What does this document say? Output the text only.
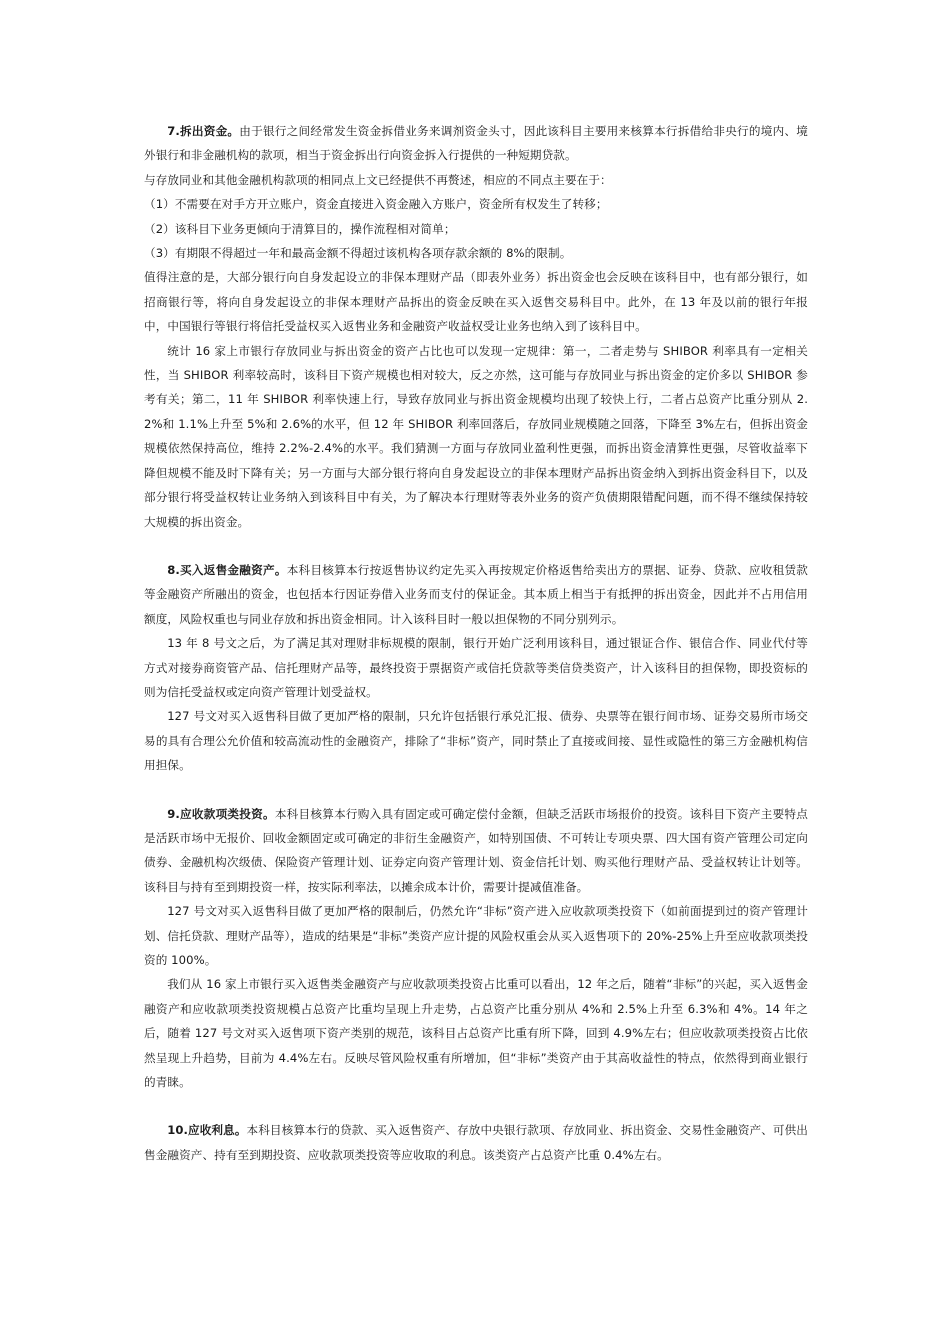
7.拆出资金。由于银行之间经常发生资金拆借业务来调剂资金头寸，因此该科目主要用来核算本行拆借给非央行的境内、境外银行和非金融机构的款项，相当于资金拆出行向资金拆入行提供的一种短期贷款。

与存放同业和其他金融机构款项的相同点上文已经提供不再赘述，相应的不同点主要在于：

（1）不需要在对手方开立账户，资金直接进入资金融入方账户，资金所有权发生了转移；

（2）该科目下业务更倾向于清算目的，操作流程相对简单；

（3）有期限不得超过一年和最高金额不得超过该机构各项存款余额的 8%的限制。

值得注意的是，大部分银行向自身发起设立的非保本理财产品（即表外业务）拆出资金也会反映在该科目中，也有部分银行，如招商银行等，将向自身发起设立的非保本理财产品拆出的资金反映在买入返售交易科目中。此外，在 13 年及以前的银行年报中，中国银行等银行将信托受益权买入返售业务和金融资产收益权受让业务也纳入到了该科目中。

统计 16 家上市银行存放同业与拆出资金的资产占比也可以发现一定规律：第一，二者走势与 SHIBOR 利率具有一定相关性，当 SHIBOR 利率较高时，该科目下资产规模也相对较大，反之亦然，这可能与存放同业与拆出资金的定价多以 SHIBOR 参考有关；第二，11 年 SHIBOR 利率快速上行，导致存放同业与拆出资金规模均出现了较快上行，二者占总资产比重分别从 2.2%和 1.1%上升至 5%和 2.6%的水平，但 12 年 SHIBOR 利率回落后，存放同业规模随之回落，下降至 3%左右，但拆出资金规模依然保持高位，维持 2.2%-2.4%的水平。我们猜测一方面与存放同业盈利性更强，而拆出资金清算性更强，尽管收益率下降但规模不能及时下降有关；另一方面与大部分银行将向自身发起设立的非保本理财产品拆出资金纳入到拆出资金科目下，以及部分银行将受益权转让业务纳入到该科目中有关，为了解决本行理财等表外业务的资产负债期限错配问题，而不得不继续保持较大规模的拆出资金。

8.买入返售金融资产。本科目核算本行按返售协议约定先买入再按规定价格返售给卖出方的票据、证券、贷款、应收租赁款等金融资产所融出的资金，也包括本行因证券借入业务而支付的保证金。其本质上相当于有抵押的拆出资金，因此并不占用信用额度，风险权重也与同业存放和拆出资金相同。计入该科目时一般以担保物的不同分别列示。

13 年 8 号文之后，为了满足其对理财非标规模的限制，银行开始广泛利用该科目，通过银证合作、银信合作、同业代付等方式对接券商资管产品、信托理财产品等，最终投资于票据资产或信托贷款等类信贷类资产，计入该科目的担保物，即投资标的则为信托受益权或定向资产管理计划受益权。

127 号文对买入返售科目做了更加严格的限制，只允许包括银行承兑汇报、债券、央票等在银行间市场、证券交易所市场交易的具有合理公允价值和较高流动性的金融资产，排除了“非标”资产，同时禁止了直接或间接、显性或隐性的第三方金融机构信用担保。

9.应收款项类投资。本科目核算本行购入具有固定或可确定偿付金额，但缺乏活跃市场报价的投资。该科目下资产主要特点是活跃市场中无报价、回收金额固定或可确定的非衍生金融资产，如特别国债、不可转让专项央票、四大国有资产管理公司定向债券、金融机构次级债、保险资产管理计划、证券定向资产管理计划、资金信托计划、购买他行理财产品、受益权转让计划等。该科目与持有至到期投资一样，按实际利率法，以摊余成本计价，需要计提减值准备。

127 号文对买入返售科目做了更加严格的限制后，仍然允许“非标”资产进入应收款项类投资下（如前面提到过的资产管理计划、信托贷款、理财产品等），造成的结果是“非标”类资产应计提的风险权重会从买入返售项下的 20%-25%上升至应收款项类投资的 100%。

我们从 16 家上市银行买入返售类金融资产与应收款项类投资占比重可以看出，12 年之后，随着“非标”的兴起，买入返售金融资产和应收款项类投资规模占总资产比重均呈现上升走势，占总资产比重分别从 4%和 2.5%上升至 6.3%和 4%。14 年之后，随着 127 号文对买入返售项下资产类别的规范，该科目占总资产比重有所下降，回到 4.9%左右；但应收款项类投资占比依然呈现上升趋势，目前为 4.4%左右。反映尽管风险权重有所增加，但“非标”类资产由于其高收益性的特点，依然得到商业银行的青睐。

10.应收利息。本科目核算本行的贷款、买入返售资产、存放中央银行款项、存放同业、拆出资金、交易性金融资产、可供出售金融资产、持有至到期投资、应收款项类投资等应收取的利息。该类资产占总资产比重 0.4%左右。
